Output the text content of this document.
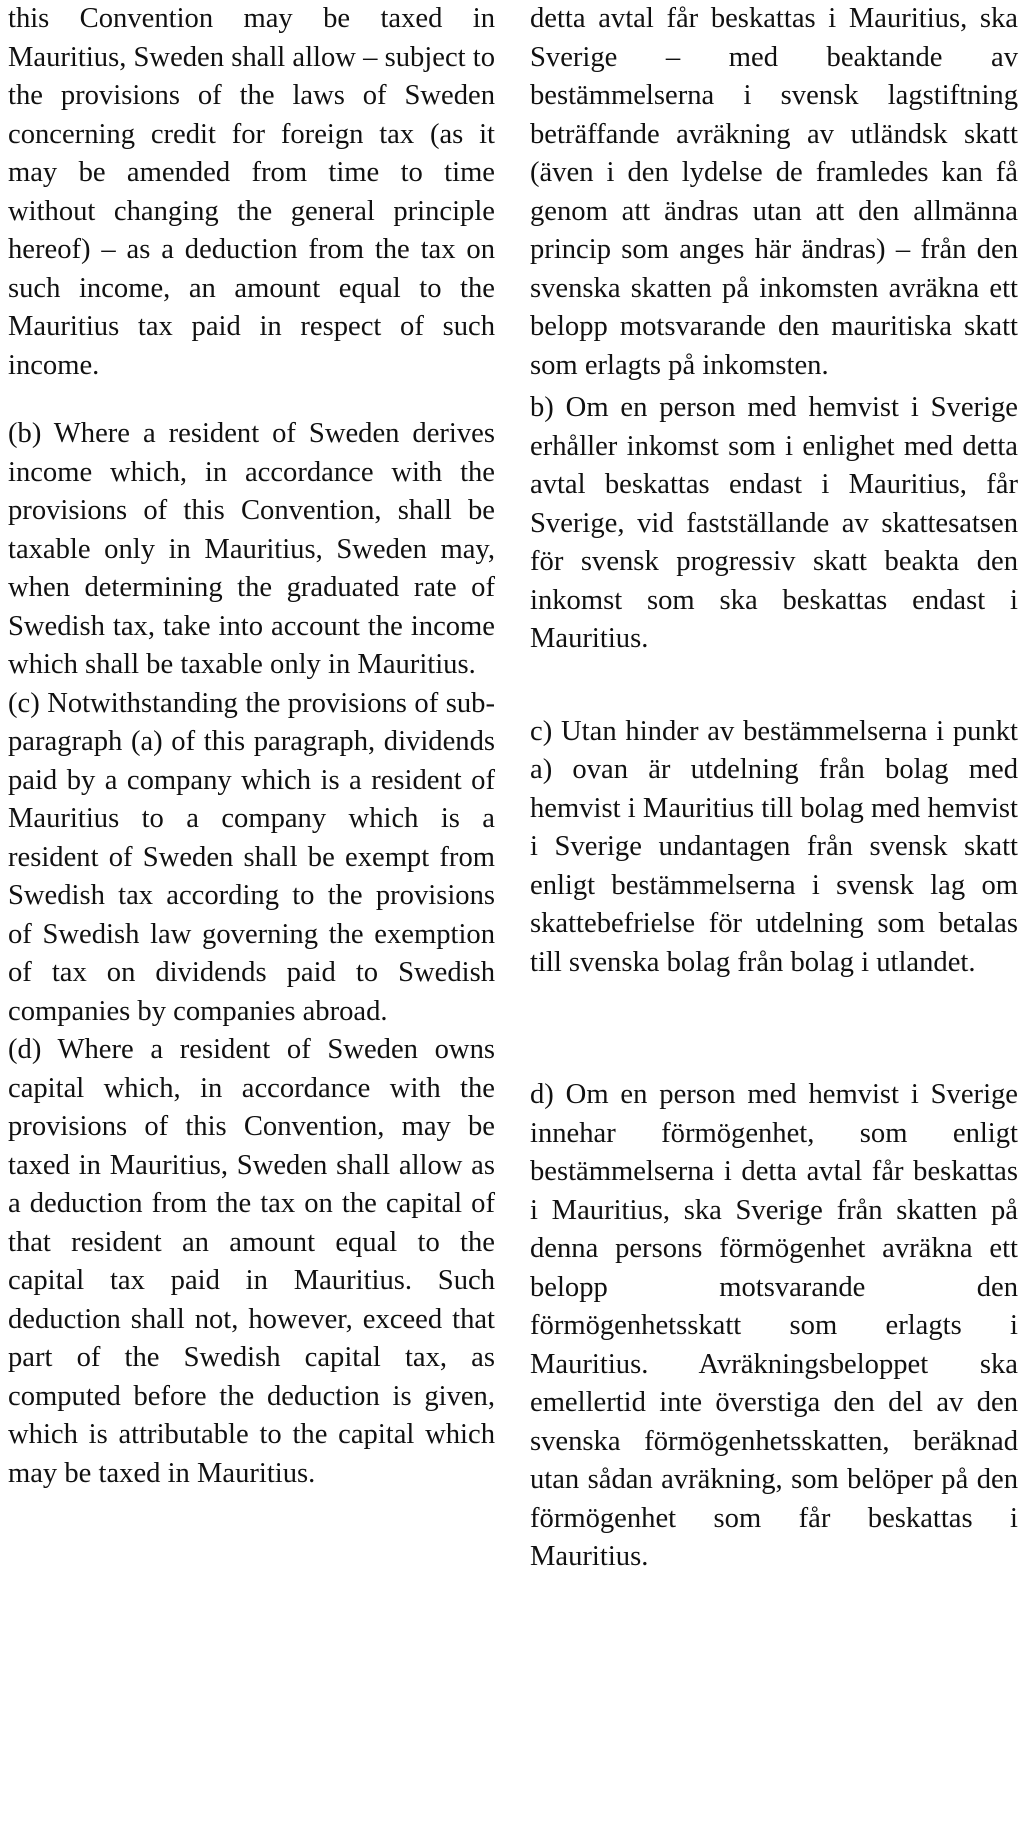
this Convention may be taxed in Mauritius, Sweden shall allow – subject to the provisions of the laws of Sweden concerning credit for foreign tax (as it may be amended from time to time without changing the general principle hereof) – as a deduction from the tax on such income, an amount equal to the Mauritius tax paid in respect of such income.

(b) Where a resident of Sweden derives income which, in accordance with the provisions of this Convention, shall be taxable only in Mauritius, Sweden may, when determining the graduated rate of Swedish tax, take into account the income which shall be taxable only in Mauritius.

(c) Notwithstanding the provisions of sub-paragraph (a) of this paragraph, dividends paid by a company which is a resident of Mauritius to a company which is a resident of Sweden shall be exempt from Swedish tax according to the provisions of Swedish law governing the exemption of tax on dividends paid to Swedish companies by companies abroad.

(d) Where a resident of Sweden owns capital which, in accordance with the provisions of this Convention, may be taxed in Mauritius, Sweden shall allow as a deduction from the tax on the capital of that resident an amount equal to the capital tax paid in Mauritius. Such deduction shall not, however, exceed that part of the Swedish capital tax, as computed before the deduction is given, which is attributable to the capital which may be taxed in Mauritius.

detta avtal får beskattas i Mauritius, ska Sverige – med beaktande av bestämmelserna i svensk lagstiftning beträffande avräkning av utländsk skatt (även i den lydelse de framledes kan få genom att ändras utan att den allmänna princip som anges här ändras) – från den svenska skatten på inkomsten avräkna ett belopp motsvarande den mauritiska skatt som erlagts på inkomsten.

b) Om en person med hemvist i Sverige erhåller inkomst som i enlighet med detta avtal beskattas endast i Mauritius, får Sverige, vid fastställande av skattesatsen för svensk progressiv skatt beakta den inkomst som ska beskattas endast i Mauritius.

c) Utan hinder av bestämmelserna i punkt a) ovan är utdelning från bolag med hemvist i Mauritius till bolag med hemvist i Sverige undantagen från svensk skatt enligt bestämmelserna i svensk lag om skattebefrielse för utdelning som betalas till svenska bolag från bolag i utlandet.

d) Om en person med hemvist i Sverige innehar förmögenhet, som enligt bestämmelserna i detta avtal får beskattas i Mauritius, ska Sverige från skatten på denna persons förmögenhet avräkna ett belopp motsvarande den förmögenhetsskatt som erlagts i Mauritius. Avräkningsbeloppet ska emellertid inte överstiga den del av den svenska förmögenhetsskatten, beräknad utan sådan avräkning, som belöper på den förmögenhet som får beskattas i Mauritius.
